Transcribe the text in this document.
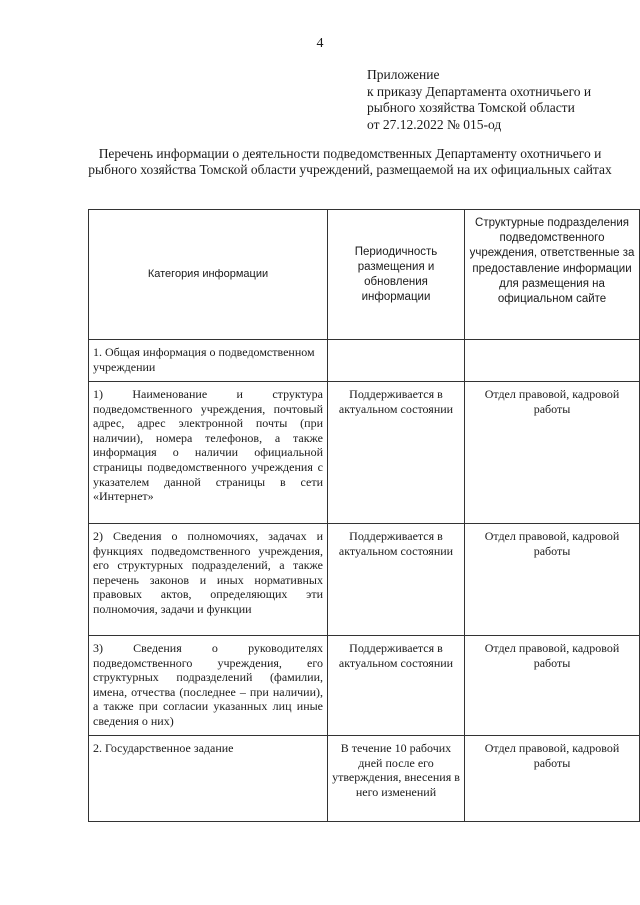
4
Приложение
к приказу Департамента охотничьего и
рыбного хозяйства Томской области
от 27.12.2022 № 015-од
Перечень информации о деятельности подведомственных Департаменту охотничьего и рыбного хозяйства Томской области учреждений, размещаемой на их официальных сайтах
Категория информации	Периодичность размещения и обновления информации	Структурные подразделения подведомственного учреждения, ответственные за предоставление информации для размещения на официальном сайте
1. Общая информация о подведомственном учреждении		
1) Наименование и структура подведомственного учреждения, почтовый адрес, адрес электронной почты (при наличии), номера телефонов, а также информация о наличии официальной страницы подведомственного учреждения с указателем данной страницы в сети «Интернет»	Поддерживается в актуальном состоянии	Отдел правовой, кадровой работы
2) Сведения о полномочиях, задачах и функциях подведомственного учреждения, его структурных подразделений, а также перечень законов и иных нормативных правовых актов, определяющих эти полномочия, задачи и функции	Поддерживается в актуальном состоянии	Отдел правовой, кадровой работы
3) Сведения о руководителях подведомственного учреждения, его структурных подразделений (фамилии, имена, отчества (последнее – при наличии), а также при согласии указанных лиц иные сведения о них)	Поддерживается в актуальном состоянии	Отдел правовой, кадровой работы
2. Государственное задание	В течение 10 рабочих дней после его утверждения, внесения в него изменений	Отдел правовой, кадровой работы
